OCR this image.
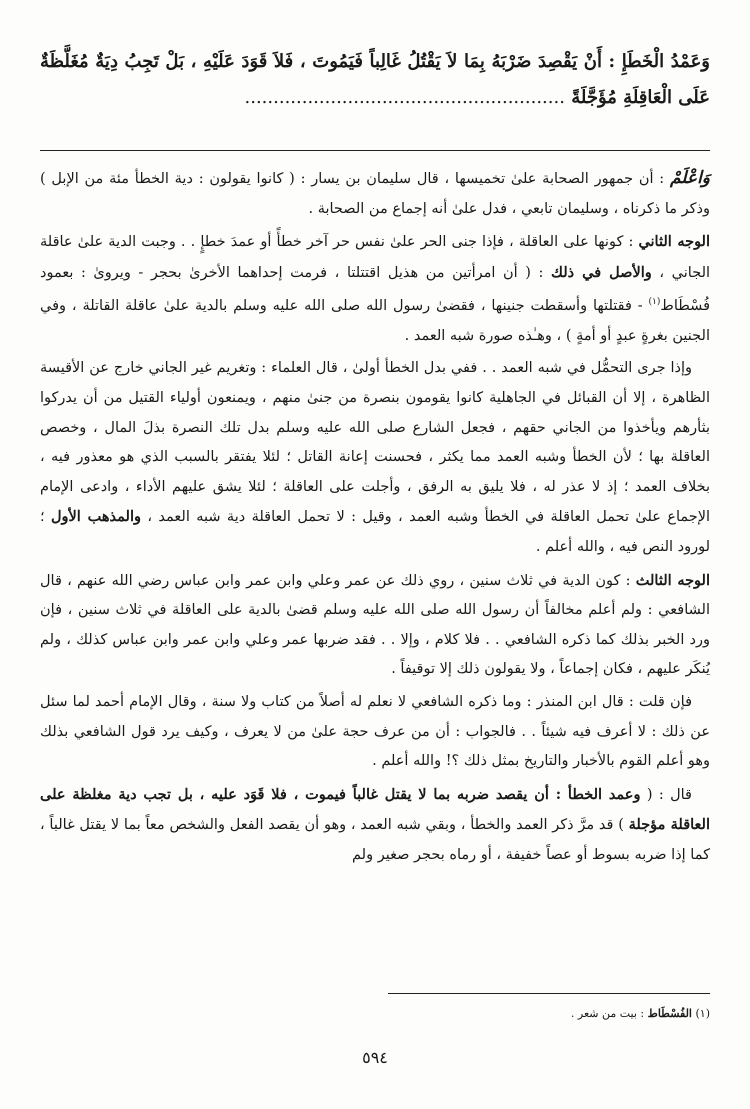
وَعَمْدُ الْخَطَإِ : أَنْ يَقْصِدَ ضَرْبَهُ بِمَا لاَ يَقْتُلُ غَالِباً فَيَمُوتَ ، فَلاَ قَوَدَ عَلَيْهِ ، بَلْ تَجِبُ دِيَةٌ مُغَلَّظَةٌ عَلَى الْعَاقِلَةِ مُؤَجَّلَةً ........................................................

وَاعْلَمْ : أن جمهور الصحابة علىٰ تخميسها ، قال سليمان بن يسار : ( كانوا يقولون : دية الخطأ مئة من الإبل ) وذكر ما ذكرناه ، وسليمان تابعي ، فدل علىٰ أنه إجماع من الصحابة .

الوجه الثاني : كونها على العاقلة ، فإذا جنى الحر علىٰ نفس حر آخر خطأً أو عمدَ خطإٍ . . وجبت الدية علىٰ عاقلة الجاني ، والأصل في ذلك : ( أن امرأتين من هذيل اقتتلتا ، فرمت إحداهما الأخرىٰ بحجر - ويروىٰ : بعمود فُسْطَاط$^{(١)}$ - فقتلتها وأسقطت جنينها ، فقضىٰ رسول الله صلى الله عليه وسلم بالدية علىٰ عاقلة القاتلة ، وفي الجنين بغرةٍ عبدٍ أو أمةٍ ) ، وهـٰذه صورة شبه العمد .

وإذا جرى التحمُّل في شبه العمد . . ففي بدل الخطأ أولىٰ ، قال العلماء : وتغريم غير الجاني خارج عن الأقيسة الظاهرة ، إلا أن القبائل في الجاهلية كانوا يقومون بنصرة من جنىٰ منهم ، ويمنعون أولياء القتيل من أن يدركوا بثأرهم ويأخذوا من الجاني حقهم ، فجعل الشارع صلى الله عليه وسلم بدل تلك النصرة بذلَ المال ، وخصص العاقلة بها ؛ لأن الخطأ وشبه العمد مما يكثر ، فحسنت إعانة القاتل ؛ لئلا يفتقر بالسبب الذي هو معذور فيه ، بخلاف العمد ؛ إذ لا عذر له ، فلا يليق به الرفق ، وأجلت على العاقلة ؛ لئلا يشق عليهم الأداء ، وادعى الإمام الإجماع علىٰ تحمل العاقلة في الخطأ وشبه العمد ، وقيل : لا تحمل العاقلة دية شبه العمد ، والمذهب الأول ؛ لورود النص فيه ، والله أعلم .

الوجه الثالث : كون الدية في ثلاث سنين ، روي ذلك عن عمر وعلي وابن عمر وابن عباس رضي الله عنهم ، قال الشافعي : ولم أعلم مخالفاً أن رسول الله صلى الله عليه وسلم قضىٰ بالدية على العاقلة في ثلاث سنين ، فإن ورد الخبر بذلك كما ذكره الشافعي . . فلا كلام ، وإلا . . فقد ضربها عمر وعلي وابن عمر وابن عباس كذلك ، ولم يُنكَر عليهم ، فكان إجماعاً ، ولا يقولون ذلك إلا توقيفاً .

فإن قلت : قال ابن المنذر : وما ذكره الشافعي لا نعلم له أصلاً من كتاب ولا سنة ، وقال الإمام أحمد لما سئل عن ذلك : لا أعرف فيه شيئاً . . فالجواب : أن من عرف حجة علىٰ من لا يعرف ، وكيف يرد قول الشافعي بذلك وهو أعلم القوم بالأخبار والتاريخ بمثل ذلك ؟! والله أعلم .

قال : ( وعمد الخطأ : أن يقصد ضربه بما لا يقتل غالباً فيموت ، فلا قَوَد عليه ، بل تجب دية مغلظة على العاقلة مؤجلة ) قد مرَّ ذكر العمد والخطأ ، وبقي شبه العمد ، وهو أن يقصد الفعل والشخص معاً بما لا يقتل غالباً ، كما إذا ضربه بسوط أو عصاً خفيفة ، أو رماه بحجر صغير ولم

(١) الفُسْطَاط : بيت من شعر .
٥٩٤
